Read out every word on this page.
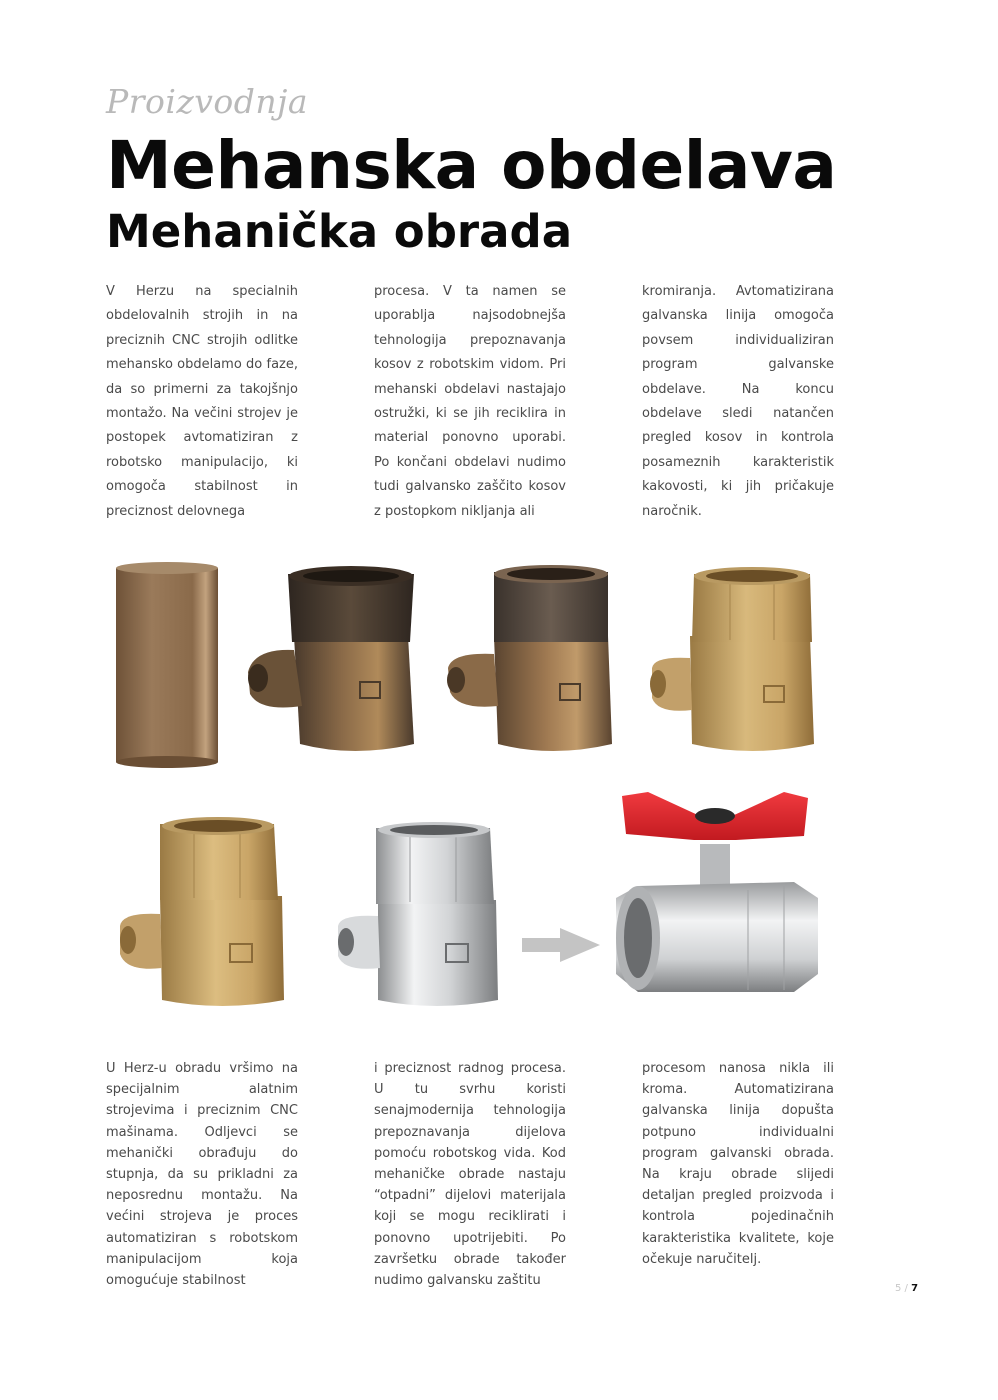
Proizvodnja
Mehanska obdelava
Mehanička obrada

V Herzu na specialnih obdelovalnih strojih in na preciznih CNC strojih odlitke mehansko obdelamo do faze, da so primerni za takojšnjo montažo. Na večini strojev je postopek avtomatiziran z robotsko manipulacijo, ki omogoča stabilnost in preciznost delovnega

procesa. V ta namen se uporablja najsodobnejša tehnologija prepoznavanja kosov z robotskim vidom. Pri mehanski obdelavi nastajajo ostružki, ki se jih reciklira in material ponovno uporabi. Po končani obdelavi nudimo tudi galvansko zaščito kosov z postopkom nikljanja ali

kromiranja. Avtomatizirana galvanska linija omogoča povsem individualiziran program galvanske obdelave. Na koncu obdelave sledi natančen pregled kosov in kontrola posameznih karakteristik kakovosti, ki jih pričakuje naročnik.

U Herz-u obradu vršimo na specijalnim alatnim strojevima i preciznim CNC mašinama. Odljevci se mehanički obrađuju do stupnja, da su prikladni za neposrednu montažu. Na većini strojeva je proces automatiziran s robotskom manipulacijom koja omogućuje stabilnost

i preciznost radnog procesa. U tu svrhu koristi senajmodernija tehnologija prepoznavanja dijelova pomoću robotskog vida. Kod mehaničke obrade nastaju “otpadni” dijelovi materijala koji se mogu reciklirati i ponovno upotrijebiti. Po završetku obrade također nudimo galvansku zaštitu

procesom nanosa nikla ili kroma. Automatizirana galvanska linija dopušta potpuno individualni program galvanski obrada. Na kraju obrade slijedi detaljan pregled proizvoda i kontrola pojedinačnih karakteristika kvalitete, koje očekuje naručitelj.

5 / 7
